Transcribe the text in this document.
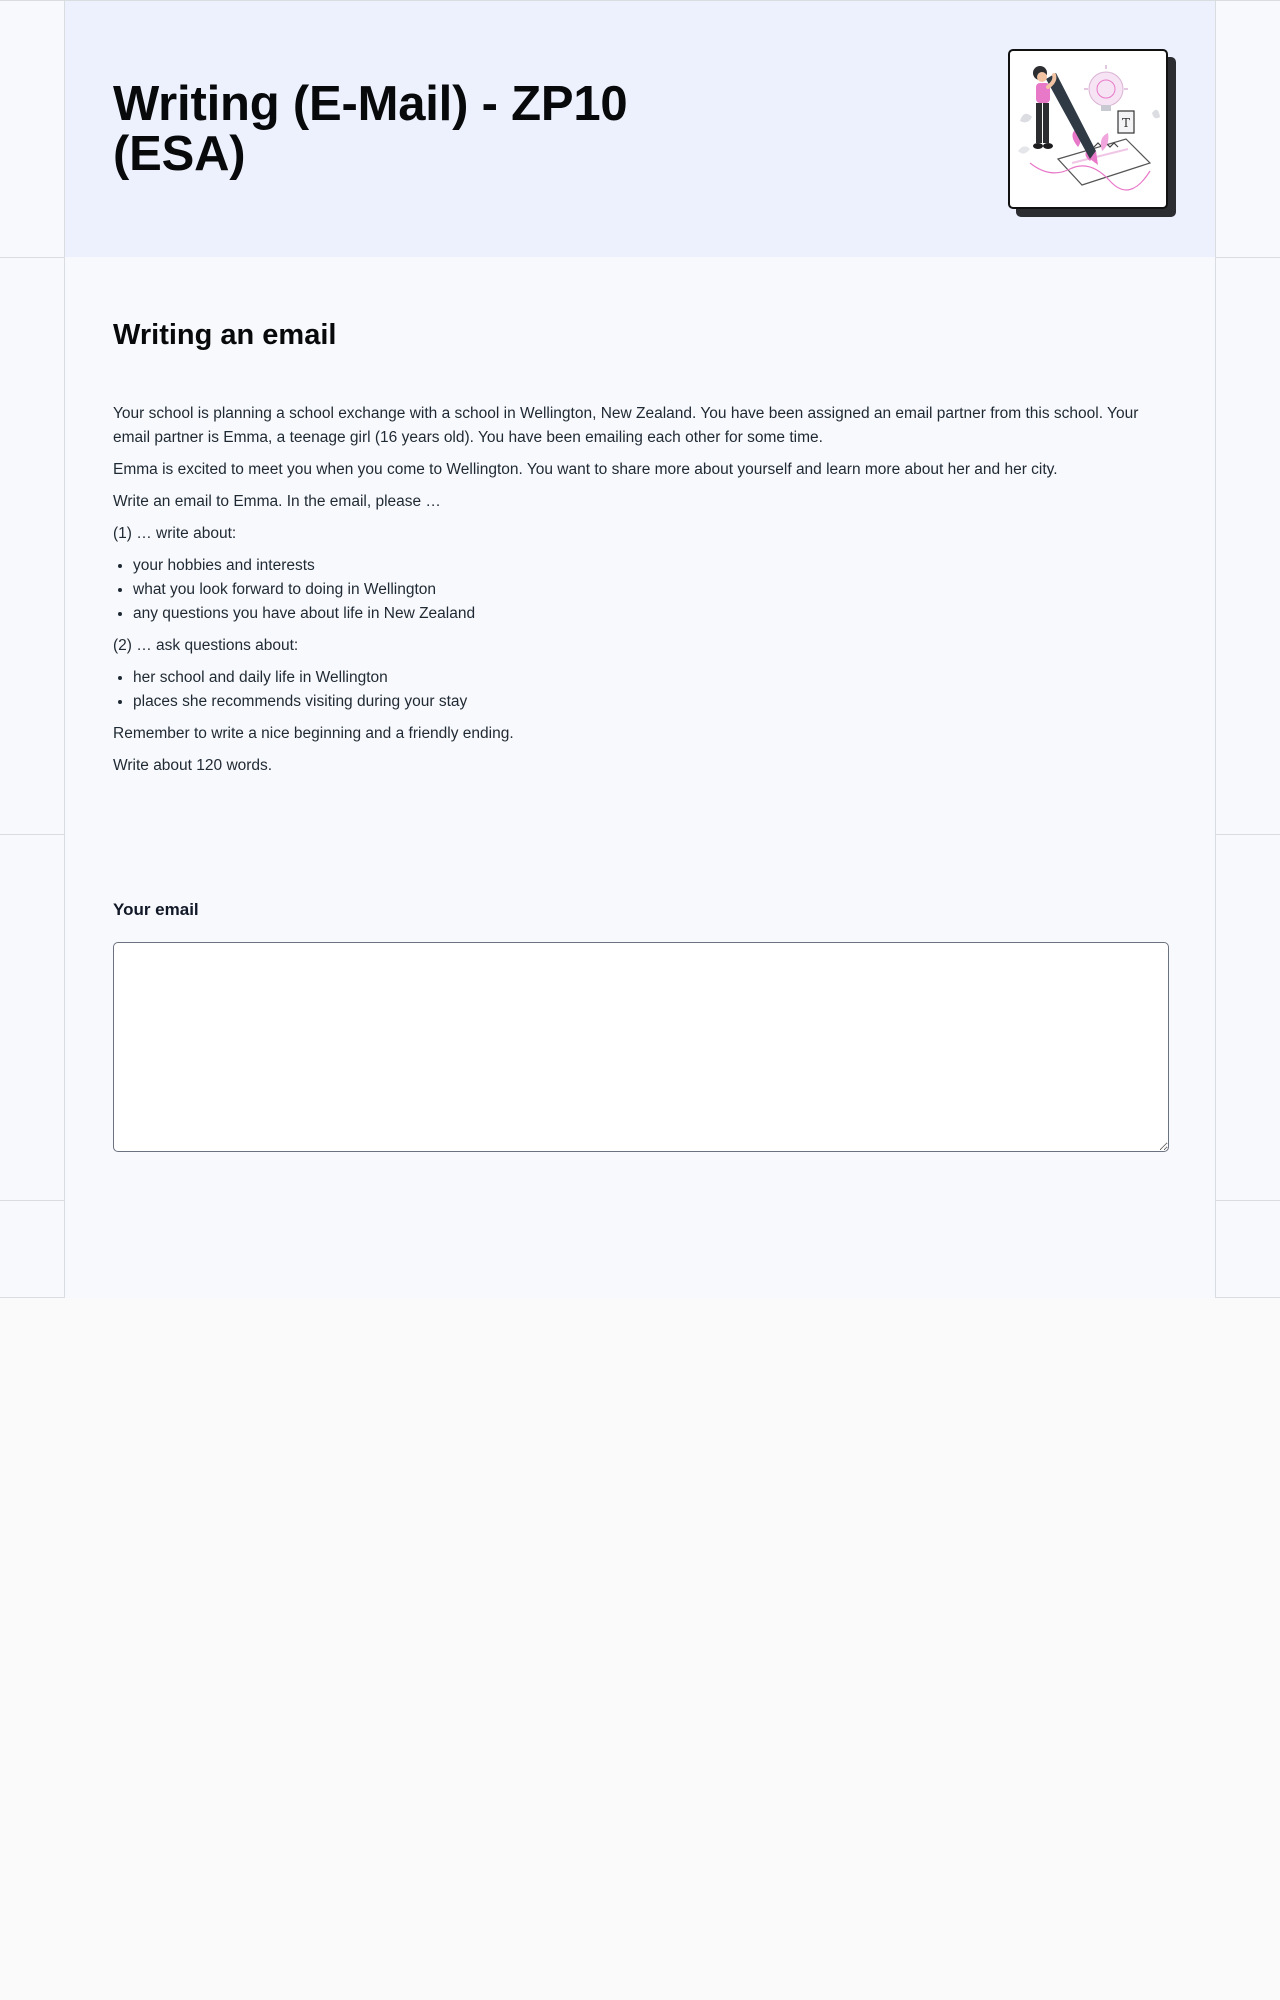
Writing (E-Mail) - ZP10 (ESA)
T
Writing an email

Your school is planning a school exchange with a school in Wellington, New Zealand. You have been assigned an email partner from this school. Your email partner is Emma, a teenage girl (16 years old). You have been emailing each other for some time.

Emma is excited to meet you when you come to Wellington. You want to share more about yourself and learn more about her and her city.

Write an email to Emma. In the email, please …

(1) … write about:

• your hobbies and interests
• what you look forward to doing in Wellington
• any questions you have about life in New Zealand

(2) … ask questions about:

• her school and daily life in Wellington
• places she recommends visiting during your stay

Remember to write a nice beginning and a friendly ending.

Write about 120 words.

Your email
